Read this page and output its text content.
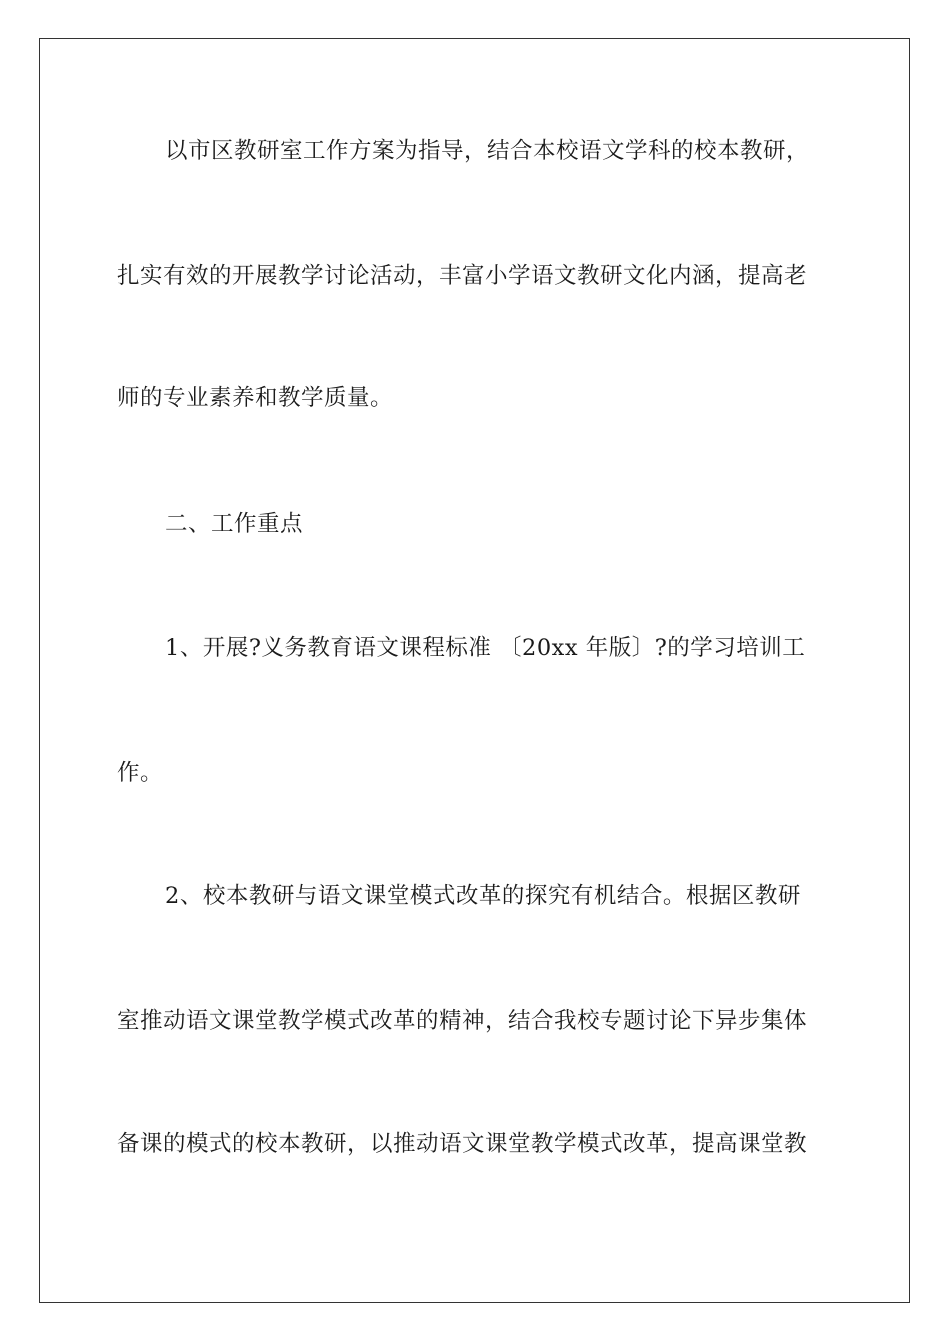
以市区教研室工作方案为指导，结合本校语文学科的校本教研，
扎实有效的开展教学讨论活动，丰富小学语文教研文化内涵，提高老
师的专业素养和教学质量。
二、工作重点
1、开展?义务教育语文课程标准 〔20xx 年版〕?的学习培训工
作。
2、校本教研与语文课堂模式改革的探究有机结合。根据区教研
室推动语文课堂教学模式改革的精神，结合我校专题讨论下异步集体
备课的模式的校本教研，以推动语文课堂教学模式改革，提高课堂教
